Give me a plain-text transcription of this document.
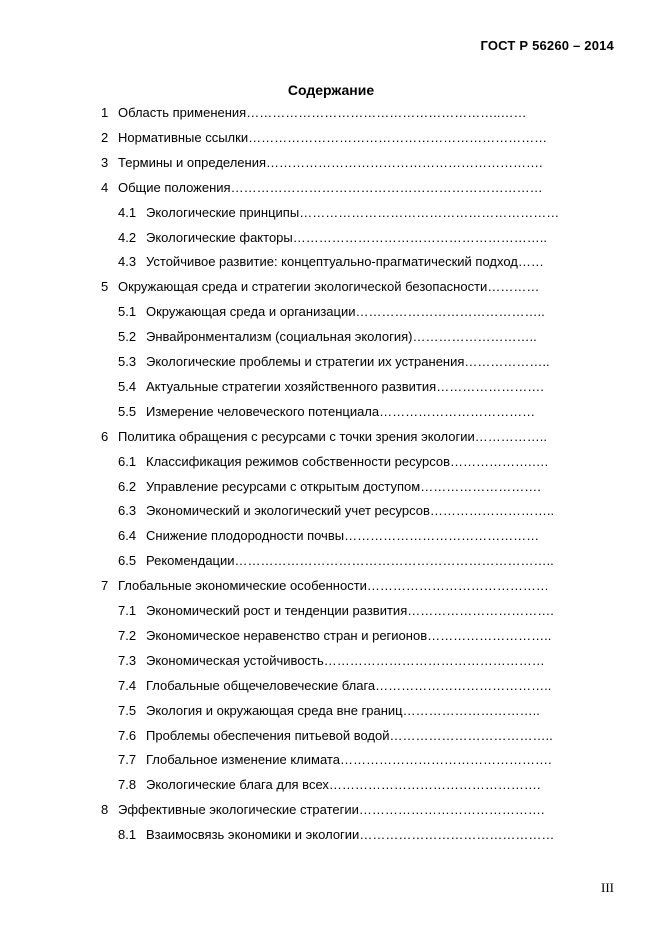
ГОСТ Р 56260 – 2014
Содержание
1 Область применения…………………………………………………..……
2 Нормативные ссылки……………………………………………………………
3 Термины и определения……………………………………………………….
4 Общие положения………………………………………………………………
4.1 Экологические принципы……………………………………………………
4.2 Экологические факторы…………………………………………………..
4.3 Устойчивое развитие: концептуально-прагматический подход……
5 Окружающая среда и стратегии экологической безопасности…………
5.1 Окружающая среда и организации……………………………………..
5.2 Энвайронментализм (социальная экология)………………………..
5.3 Экологические проблемы и стратегии их устранения………………..
5.4 Актуальные стратегии хозяйственного развития…………………….
5.5 Измерение человеческого потенциала………………………………
6 Политика обращения с ресурсами с точки зрения экологии……………..
6.1 Классификация режимов собственности ресурсов……………….….
6.2 Управление ресурсами с открытым доступом……………………….
6.3 Экономический и экологический учет ресурсов………………………..
6.4 Снижение плодородности почвы………………………………………
6.5 Рекомендации………………………………………………………………..
7 Глобальные экономические особенности……………………………………
7.1 Экономический рост и тенденции развития…………………………….
7.2 Экономическое неравенство стран и регионов………………………..
7.3 Экономическая устойчивость……………………………………………
7.4 Глобальные общечеловеческие блага…………………………………..
7.5 Экология и окружающая среда вне границ…………………………..
7.6 Проблемы обеспечения питьевой водой………………………………..
7.7 Глобальное изменение климата………………………………………….
7.8 Экологические блага для всех………………………………………….
8 Эффективные экологические стратегии…………………………………….
8.1 Взаимосвязь экономики и экологии………………………………………
III
